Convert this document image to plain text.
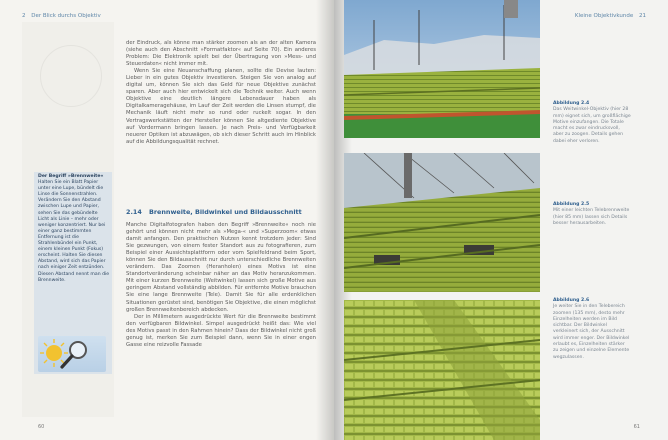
2 Der Blick durchs Objektiv
Der Begriff »Brennweite«
Halten Sie ein Blatt Papier unter eine Lupe, bündelt die Linse die Sonnenstrahlen. Verändern Sie den Abstand zwischen Lupe und Papier, sehen Sie das gebündelte Licht als Linie – mehr oder weniger konzentriert. Nur bei einer ganz bestimmten Entfernung ist die Strahlenbündel ein Punkt, einem kleinen Punkt (Fokus) erscheint. Halten Sie diesen Abstand, wird sich das Papier nach einiger Zeit entzünden. Diesen Abstand nennt man die Brennweite.

der Eindruck, als könne man stärker zoomen als an der alten Kamera (siehe auch den Abschnitt »Formatfaktor« auf Seite 70). Ein anderes Problem: Die Elektronik spielt bei der Übertragung von »Mess- und Steuerdaten« nicht immer mit.

Wenn Sie eine Neuanschaffung planen, sollte die Devise lauten: Lieber in ein gutes Objektiv investieren. Steigen Sie von analog auf digital um, können Sie sich das Geld für neue Objektive zunächst sparen. Aber auch hier entwickelt sich die Technik weiter. Auch wenn Objektive eine deutlich längere Lebensdauer haben als Digitalkameragehäuse, im Lauf der Zeit werden die Linsen stumpf, die Mechanik läuft nicht mehr so rund oder ruckelt sogar. In den Vertragswerkstätten der Hersteller können Sie altgediente Objektive auf Vordermann bringen lassen. Je nach Preis- und Verfügbarkeit neuerer Optiken ist abzuwägen, ob sich dieser Schritt auch im Hinblick auf die Abbildungsqualität rechnet.

2.14 Brennweite, Bildwinkel und Bildausschnitt

Manche Digitalfotografen haben den Begriff »Brennweite« noch nie gehört und können nicht mehr als »Mega-« und »Superzoom« etwas damit anfangen. Den praktischen Nutzen kennt trotzdem jeder: Sind Sie gezwungen, von einem fester Standort aus zu fotografieren, zum Beispiel einer Aussichtsplattform oder vom Spielfeldrand beim Sport, können Sie den Bildausschnitt nur durch unterschiedliche Brennweiten verändern. Das Zoomen (Heranholen) eines Motivs ist eine Standortveränderung scheinbar näher an das Motiv heranzukommen. Mit einer kurzen Brennweite (Weitwinkel) lassen sich große Motive aus geringem Abstand vollständig abbilden. Für entfernte Motive brauchen Sie eine lange Brennweite (Tele). Damit Sie für alle erdenklichen Situationen gerüstet sind, benötigen Sie Objektive, die einen möglichst großen Brennweitenbereich abdecken.

Der in Millimetern ausgedrückte Wert für die Brennweite bestimmt den verfügbaren Bildwinkel. Simpel ausgedrückt heißt das: Wie viel des Motivs passt in den Rahmen hinein? Dass der Bildwinkel nicht groß genug ist, merken Sie zum Beispiel dann, wenn Sie in einer engen Gasse eine reizvolle Fassade

60
Kleine Objektivkunde 21
61
Abbildung 2.4
Das Weitwinkel-Objektiv (hier 28 mm) eignet sich, um großflächige Motive einzufangen. Die Totale macht es zwar eindrucksvoll, aber zu zoogen. Details gehen dabei eher verloren.
Abbildung 2.5
Mit einer leichten Telebrennweite (hier 85 mm) lassen sich Details besser herausarbeiten.
Abbildung 2.6
Je weiter Sie in den Telebereich zoomen (135 mm), desto mehr Einzelheiten werden im Bild sichtbar. Der Bildwinkel verkleinert sich, der Ausschnitt wird immer enger. Der Bildwinkel erlaubt es, Einzelheiten stärker zu zeigen und einzelne Elemente wegzulassen.
